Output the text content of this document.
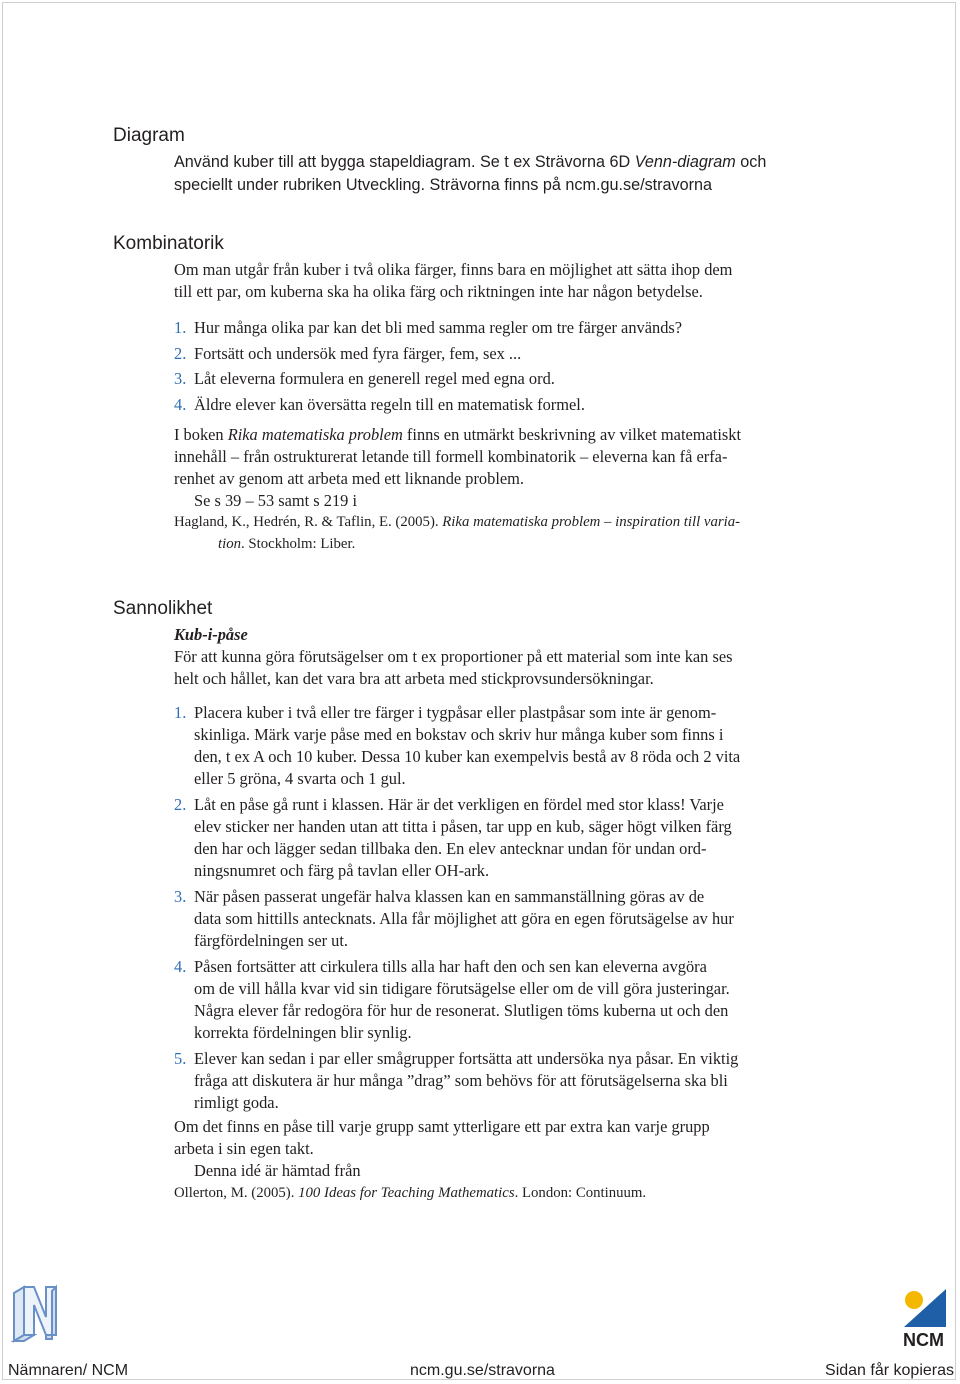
Diagram
Använd kuber till att bygga stapeldiagram. Se t ex Strävorna 6D Venn-diagram och
speciellt under rubriken Utveckling. Strävorna finns på ncm.gu.se/stravorna
Kombinatorik
Om man utgår från kuber i två olika färger, finns bara en möjlighet att sätta ihop dem
till ett par, om kuberna ska ha olika färg och riktningen inte har någon betydelse.
1. Hur många olika par kan det bli med samma regler om tre färger används?
2. Fortsätt och undersök med fyra färger, fem, sex ...
3. Låt eleverna formulera en generell regel med egna ord.
4. Äldre elever kan översätta regeln till en matematisk formel.
I boken Rika matematiska problem finns en utmärkt beskrivning av vilket matematiskt
innehåll – från ostrukturerat letande till formell kombinatorik – eleverna kan få erfa-
renhet av genom att arbeta med ett liknande problem.
Se s 39 – 53 samt s 219 i
Hagland, K., Hedrén, R. & Taflin, E. (2005). Rika matematiska problem – inspiration till varia-
tion. Stockholm: Liber.
Sannolikhet
Kub-i-påse
För att kunna göra förutsägelser om t ex proportioner på ett material som inte kan ses
helt och hållet, kan det vara bra att arbeta med stickprovsundersökningar.
1. Placera kuber i två eller tre färger i tygpåsar eller plastpåsar som inte är genom-
skinliga. Märk varje påse med en bokstav och skriv hur många kuber som finns i
den, t ex A och 10 kuber. Dessa 10 kuber kan exempelvis bestå av 8 röda och 2 vita
eller 5 gröna, 4 svarta och 1 gul.
2. Låt en påse gå runt i klassen. Här är det verkligen en fördel med stor klass! Varje
elev sticker ner handen utan att titta i påsen, tar upp en kub, säger högt vilken färg
den har och lägger sedan tillbaka den. En elev antecknar undan för undan ord-
ningsnumret och färg på tavlan eller OH-ark.
3. När påsen passerat ungefär halva klassen kan en sammanställning göras av de
data som hittills antecknats. Alla får möjlighet att göra en egen förutsägelse av hur
färgfördelningen ser ut.
4. Påsen fortsätter att cirkulera tills alla har haft den och sen kan eleverna avgöra
om de vill hålla kvar vid sin tidigare förutsägelse eller om de vill göra justeringar.
Några elever får redogöra för hur de resonerat. Slutligen töms kuberna ut och den
korrekta fördelningen blir synlig.
5. Elever kan sedan i par eller smågrupper fortsätta att undersöka nya påsar. En viktig
fråga att diskutera är hur många ”drag” som behövs för att förutsägelserna ska bli
rimligt goda.
Om det finns en påse till varje grupp samt ytterligare ett par extra kan varje grupp
arbeta i sin egen takt.
Denna idé är hämtad från
Ollerton, M. (2005). 100 Ideas for Teaching Mathematics. London: Continuum.
NCM
Nämnaren/ NCM	ncm.gu.se/stravorna	Sidan får kopieras
